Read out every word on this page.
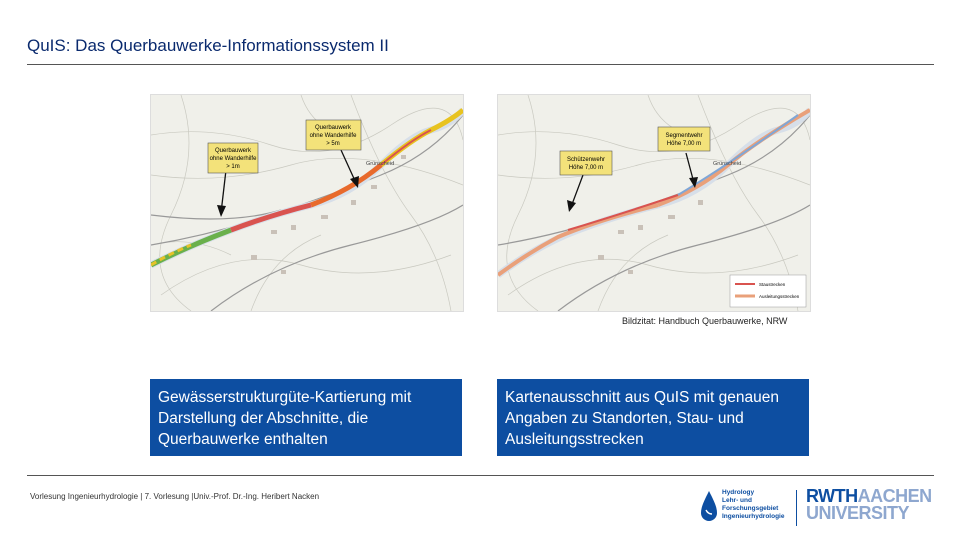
QuIS: Das Querbauwerke-Informationssystem II
Querbauwerk
ohne Wanderhilfe
> 1m
Querbauwerk
ohne Wanderhilfe
> 5m
Grünscheid
Schützenwehr
Höhe 7,00 m
Segmentwehr
Höhe 7,00 m
Grünscheid
Staustrecken
Ausleitungsstrecken
Bildzitat: Handbuch Querbauwerke, NRW
Gewässerstrukturgüte-Kartierung mit Darstellung der Abschnitte, die Querbauwerke enthalten
Kartenausschnitt aus QuIS mit genauen Angaben zu Standorten, Stau- und Ausleitungsstrecken
Vorlesung Ingenieurhydrologie | 7. Vorlesung |Univ.-Prof. Dr.-Ing. Heribert Nacken	Hydrology
Lehr- und
Forschungsgebiet
Ingenieurhydrologie
RWTHAACHEN
UNIVERSITY
